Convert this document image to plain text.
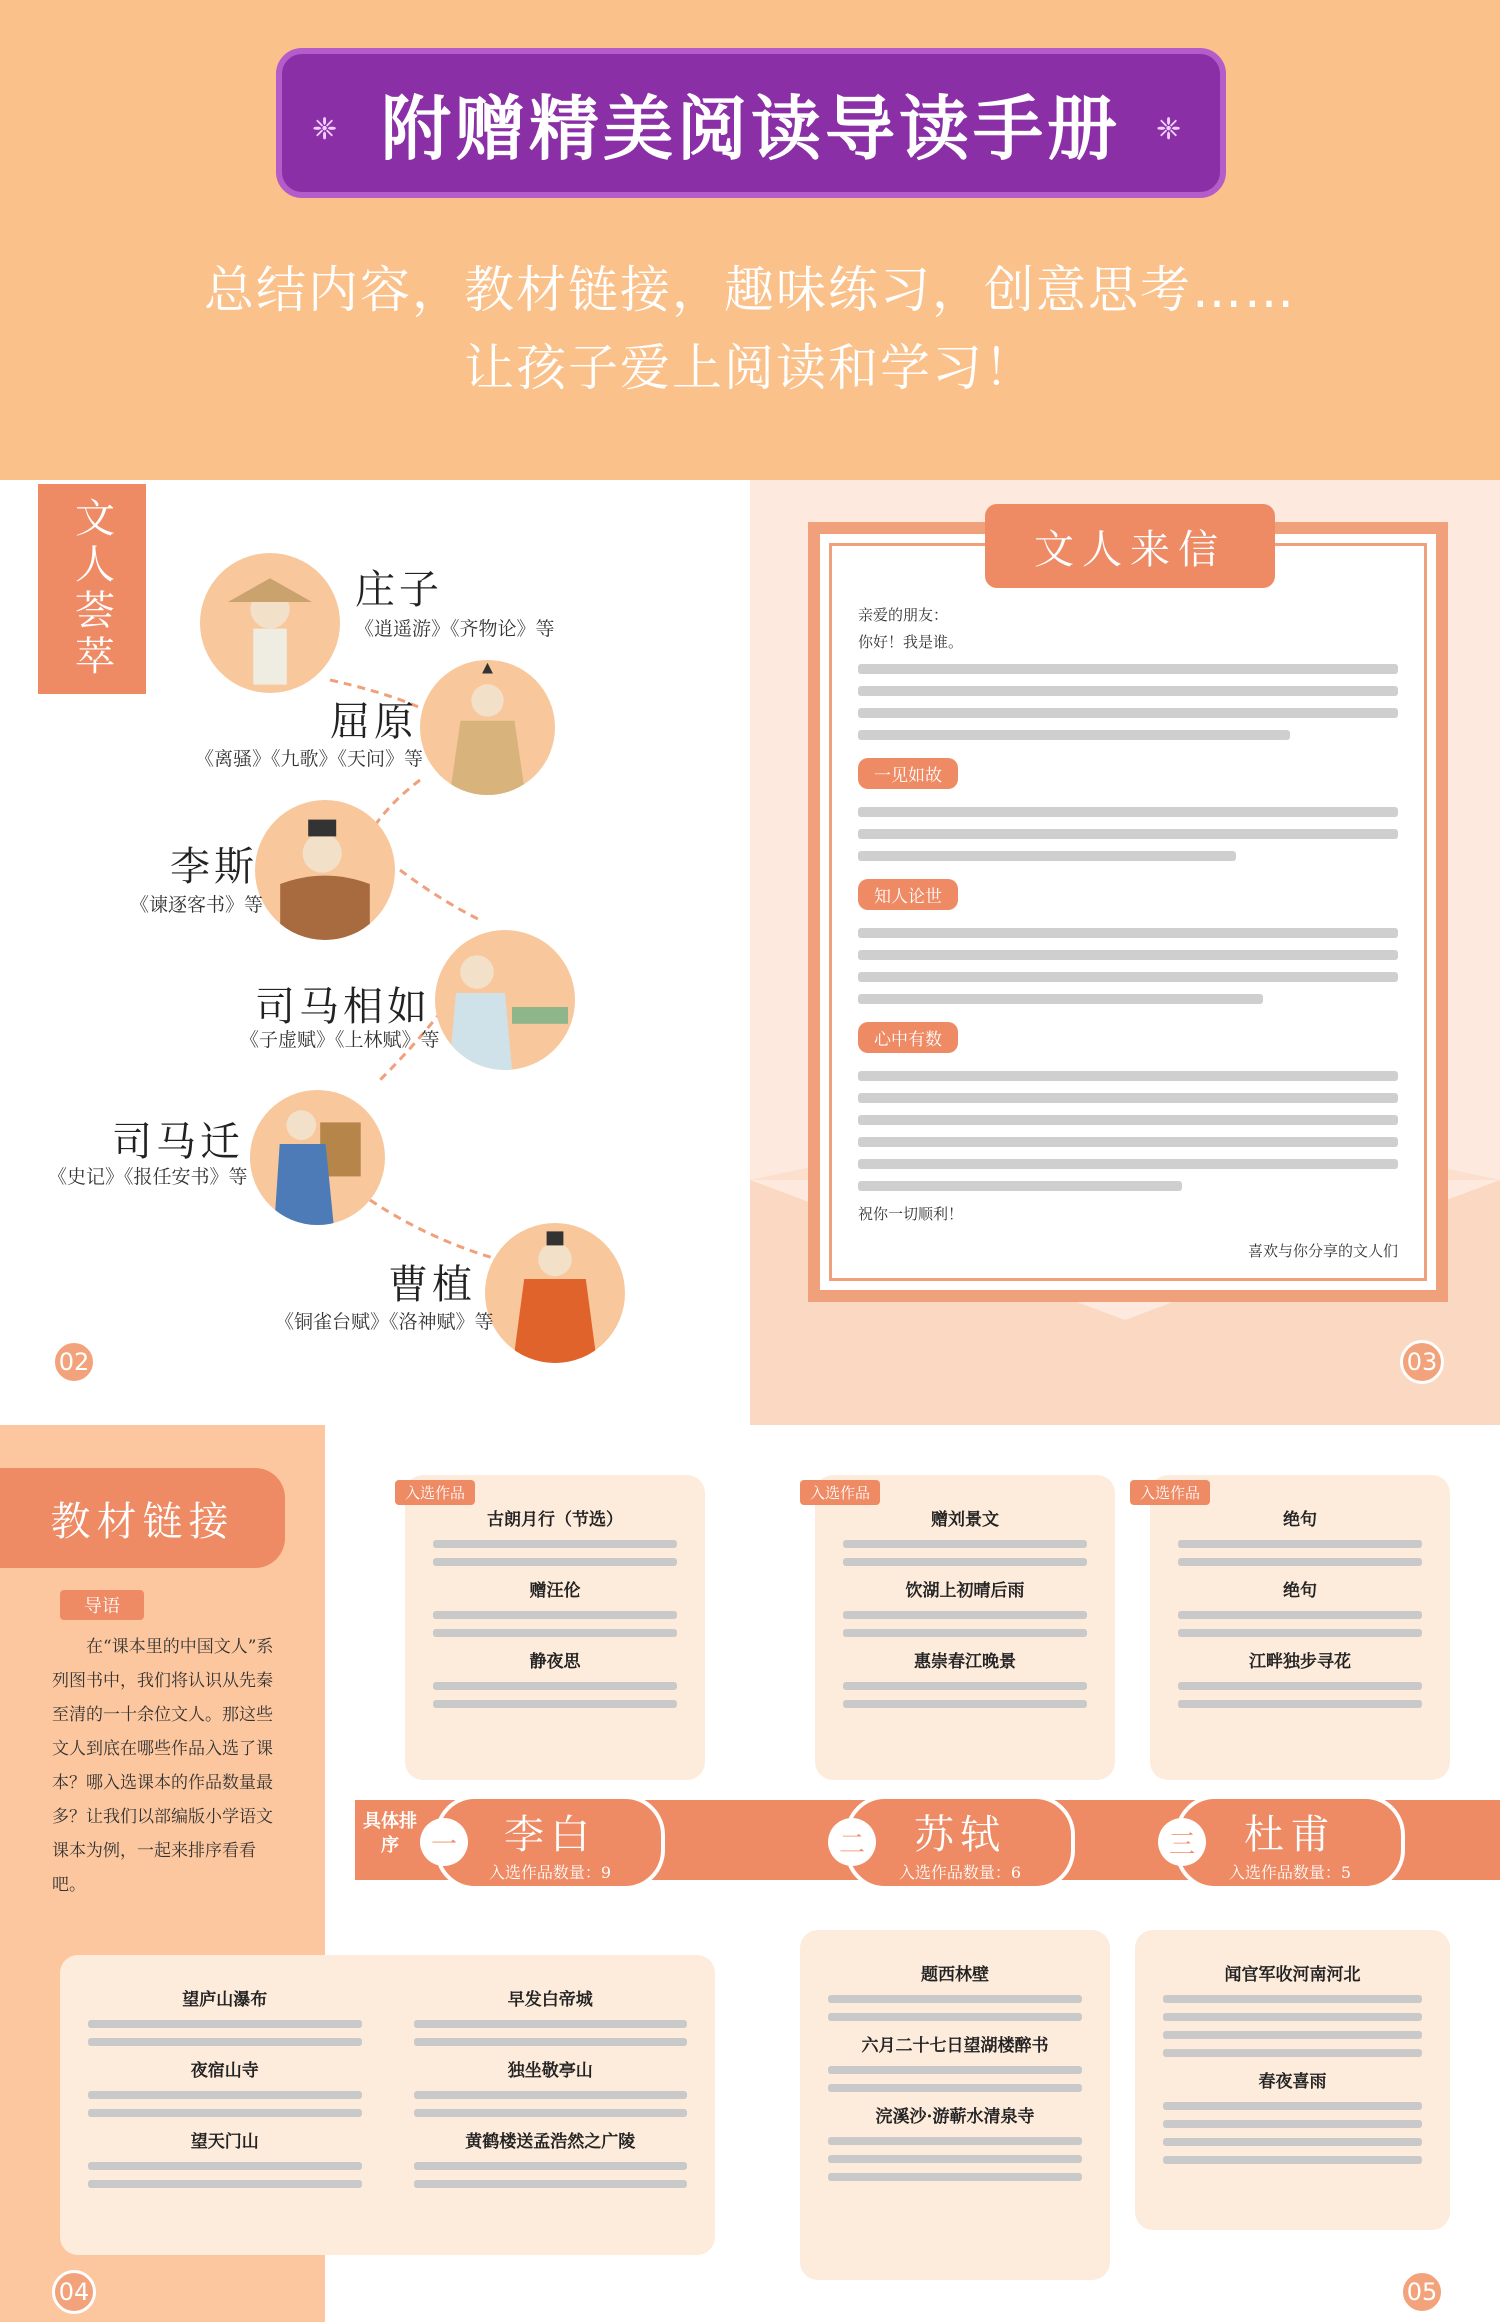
❈ 附赠精美阅读导读手册 ❈
总结内容，教材链接，趣味练习，创意思考……
让孩子爱上阅读和学习！
文人荟萃	庄子
《逍遥游》《齐物论》等
屈原
《离骚》《九歌》《天问》等
李斯
《谏逐客书》等
司马相如
《子虚赋》《上林赋》等
司马迁
《史记》《报任安书》等
曹植
《铜雀台赋》《洛神赋》等
02
亲爱的朋友：
你好！我是谁。
一见如故
知人论世
心中有数
祝你一切顺利！
喜欢与你分享的文人们
文人来信
03
教材链接
导语
在“课本里的中国文人”系列图书中，我们将认识从先秦至清的一十余位文人。那这些文人到底在哪些作品入选了课本？哪入选课本的作品数量最多？让我们以部编版小学语文课本为例，一起来排序看看吧。
古朗月行（节选）
赠汪伦
静夜思
入选作品
赠刘景文
饮湖上初晴后雨
惠崇春江晚景
入选作品
绝句
绝句
江畔独步寻花
入选作品
具体排序	李白
入选作品数量：9
一	苏轼
入选作品数量：6
二	杜甫
入选作品数量：5
三
望庐山瀑布
夜宿山寺
望天门山
早发白帝城
独坐敬亭山
黄鹤楼送孟浩然之广陵
题西林壁
六月二十七日望湖楼醉书
浣溪沙·游蕲水清泉寺
闻官军收河南河北
春夜喜雨
04	05
